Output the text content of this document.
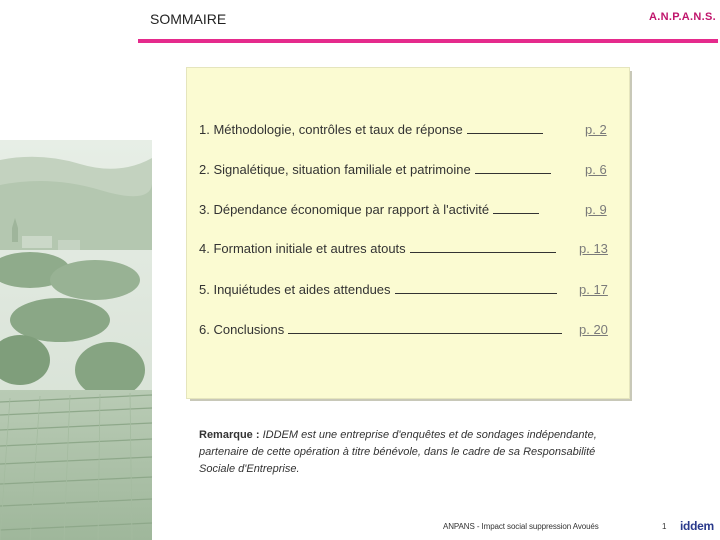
SOMMAIRE	A.N.P.A.N.S.
1. Méthodologie, contrôles et taux de réponse	p. 2
2. Signalétique, situation familiale et patrimoine	p. 6
3. Dépendance économique par rapport à l'activité	p. 9
4. Formation initiale et autres atouts	p. 13
5. Inquiétudes et aides attendues	p. 17
6. Conclusions	p. 20
Remarque : IDDEM est une entreprise d'enquêtes et de sondages indépendante, partenaire de cette opération à titre bénévole, dans le cadre de sa Responsabilité Sociale d'Entreprise.
ANPANS - Impact social suppression Avoués	1 iddem
